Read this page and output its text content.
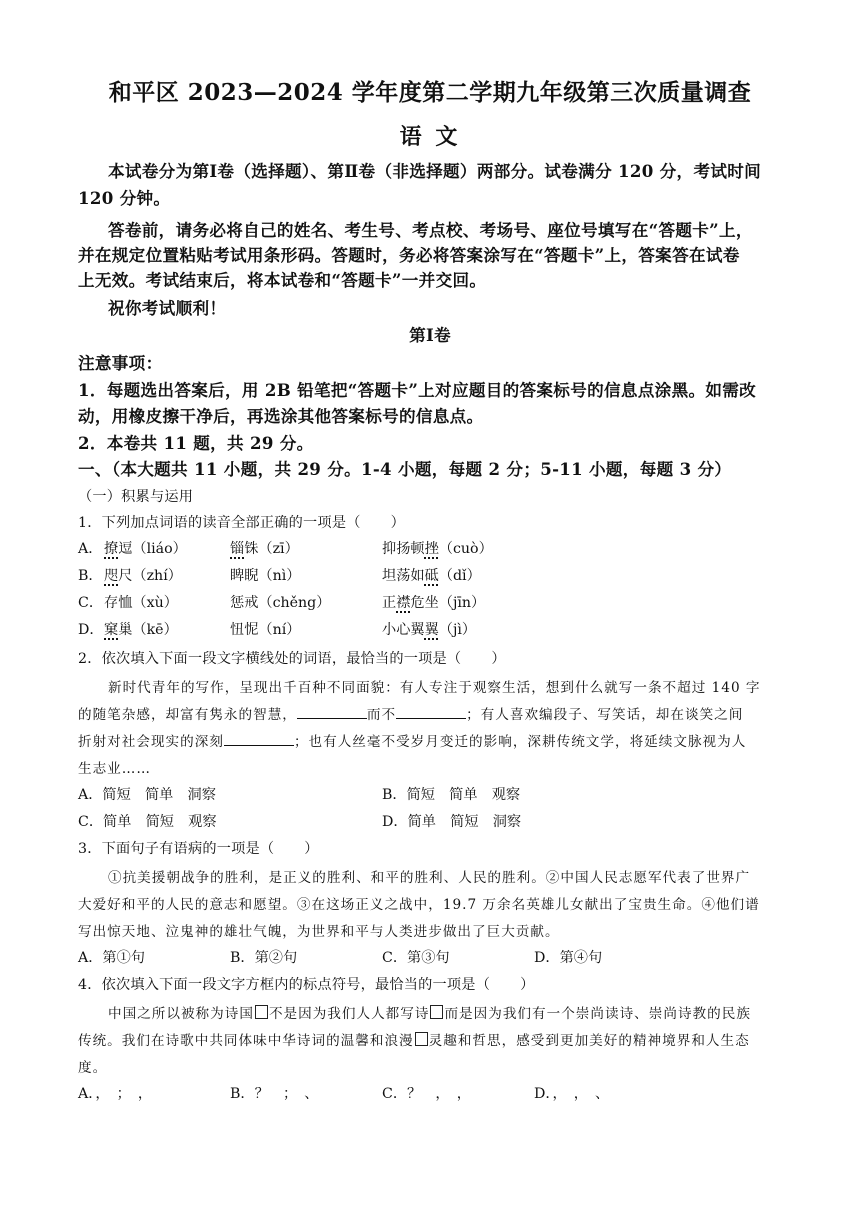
和平区 2023—2024 学年度第二学期九年级第三次质量调查
语 文
本试卷分为第Ⅰ卷（选择题）、第Ⅱ卷（非选择题）两部分。试卷满分 120 分，考试时间
120 分钟。
答卷前，请务必将自己的姓名、考生号、考点校、考场号、座位号填写在“答题卡”上，
并在规定位置粘贴考试用条形码。答题时，务必将答案涂写在“答题卡”上，答案答在试卷
上无效。考试结束后，将本试卷和“答题卡”一并交回。
祝你考试顺利！
第Ⅰ卷
注意事项：
1．每题选出答案后，用 2B 铅笔把“答题卡”上对应题目的答案标号的信息点涂黑。如需改
动，用橡皮擦干净后，再选涂其他答案标号的信息点。
2．本卷共 11 题，共 29 分。
一、（本大题共 11 小题，共 29 分。1-4 小题，每题 2 分；5-11 小题，每题 3 分）
（一）积累与运用
1．下列加点词语的读音全部正确的一项是（ ）
A． 撩逗（liáo）	锱铢（zī）	抑扬顿挫（cuò）
B． 咫尺（zhí）	睥睨（nì）	坦荡如砥（dǐ）
C． 存恤（xù）	惩戒（chěng）	正襟危坐（jīn）
D． 窠巢（kē）	忸怩（ní）	小心翼翼（jì）
2．依次填入下面一段文字横线处的词语，最恰当的一项是（ ）
新时代青年的写作，呈现出千百种不同面貌：有人专注于观察生活，想到什么就写一条不超过 140 字
的随笔杂感，却富有隽永的智慧，	而不	；有人喜欢编段子、写笑话，却在谈笑之间
折射对社会现实的深刻	；也有人丝毫不受岁月变迁的影响，深耕传统文学，将延续文脉视为人
生志业……
A．简短　简单　洞察	B．简短　简单　观察
C．简单　简短　观察	D．简单　简短　洞察
3．下面句子有语病的一项是（ ）
①抗美援朝战争的胜利，是正义的胜利、和平的胜利、人民的胜利。②中国人民志愿军代表了世界广
大爱好和平的人民的意志和愿望。③在这场正义之战中，19.7 万余名英雄儿女献出了宝贵生命。④他们谱
写出惊天地、泣鬼神的雄壮气魄，为世界和平与人类进步做出了巨大贡献。
A．第①句	B．第②句	C．第③句	D．第④句
4．依次填入下面一段文字方框内的标点符号，最恰当的一项是（ ）
中国之所以被称为诗国 不是因为我们人人都写诗 而是因为我们有一个崇尚读诗、崇尚诗教的民族
传统。我们在诗歌中共同体味中华诗词的温馨和浪漫 灵趣和哲思，感受到更加美好的精神境界和人生态
度。
A．，　；　，	B．？　；　、	C．？　，　，	D．，　，　、
